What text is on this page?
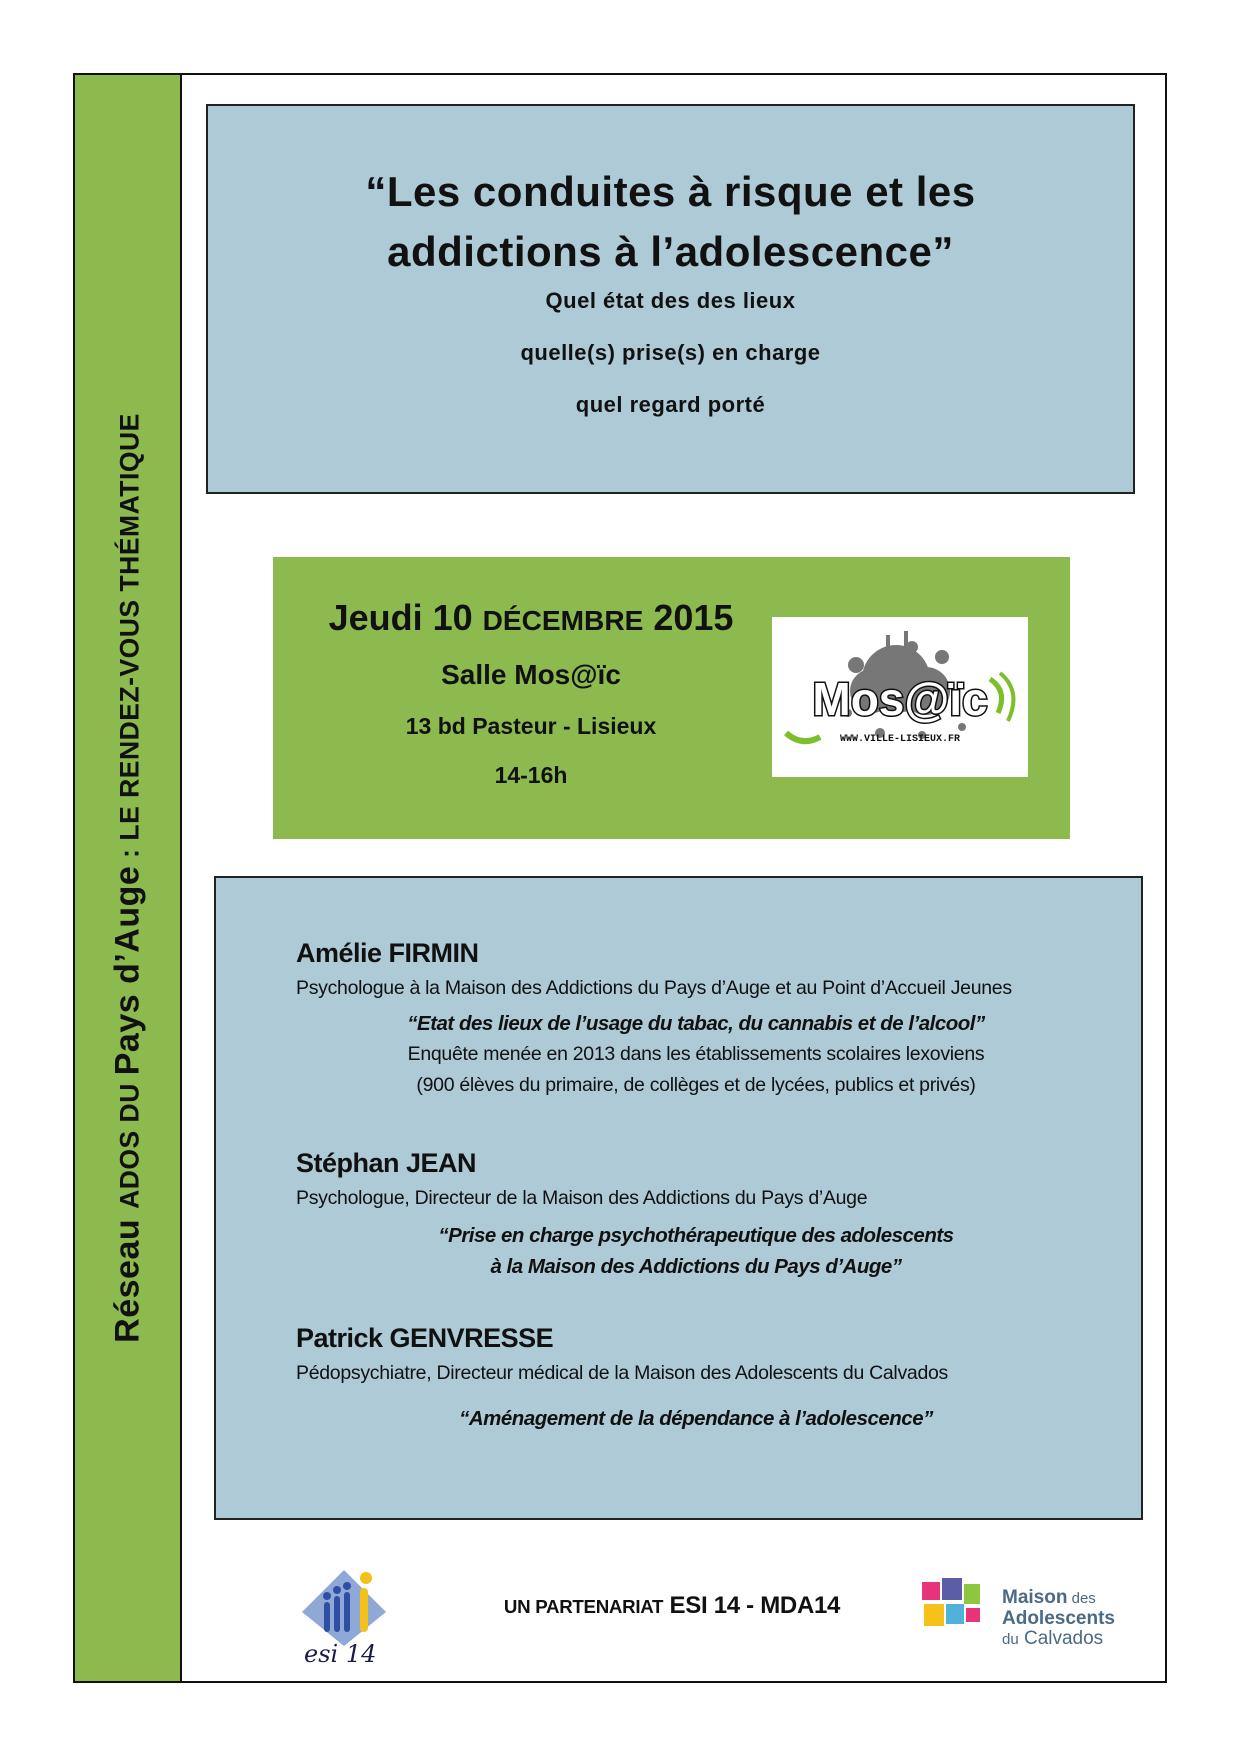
Réseau ADOS DU Pays d’Auge : LE RENDEZ-VOUS THÉMATIQUE
“Les conduites à risque et les
addictions à l’adolescence”
Quel état des des lieux
quelle(s) prise(s) en charge
quel regard porté
Jeudi 10 DÉCEMBRE 2015
Salle Mos@ïc
13 bd Pasteur - Lisieux
14-16h
Mos@ïc
WWW.VILLE-LISIEUX.FR
Amélie FIRMIN
Psychologue à la Maison des Addictions du Pays d’Auge et au Point d’Accueil Jeunes
“Etat des lieux de l’usage du tabac, du cannabis et de l’alcool”
Enquête menée en 2013 dans les établissements scolaires lexoviens
(900 élèves du primaire, de collèges et de lycées, publics et privés)
Stéphan JEAN
Psychologue, Directeur de la Maison des Addictions du Pays d’Auge
“Prise en charge psychothérapeutique des adolescents
à la Maison des Addictions du Pays d’Auge”
Patrick GENVRESSE
Pédopsychiatre, Directeur médical de la Maison des Adolescents du Calvados
“Aménagement de la dépendance à l’adolescence”
esi 14
UN PARTENARIAT ESI 14 - MDA14	Maison des
Adolescents
du Calvados
